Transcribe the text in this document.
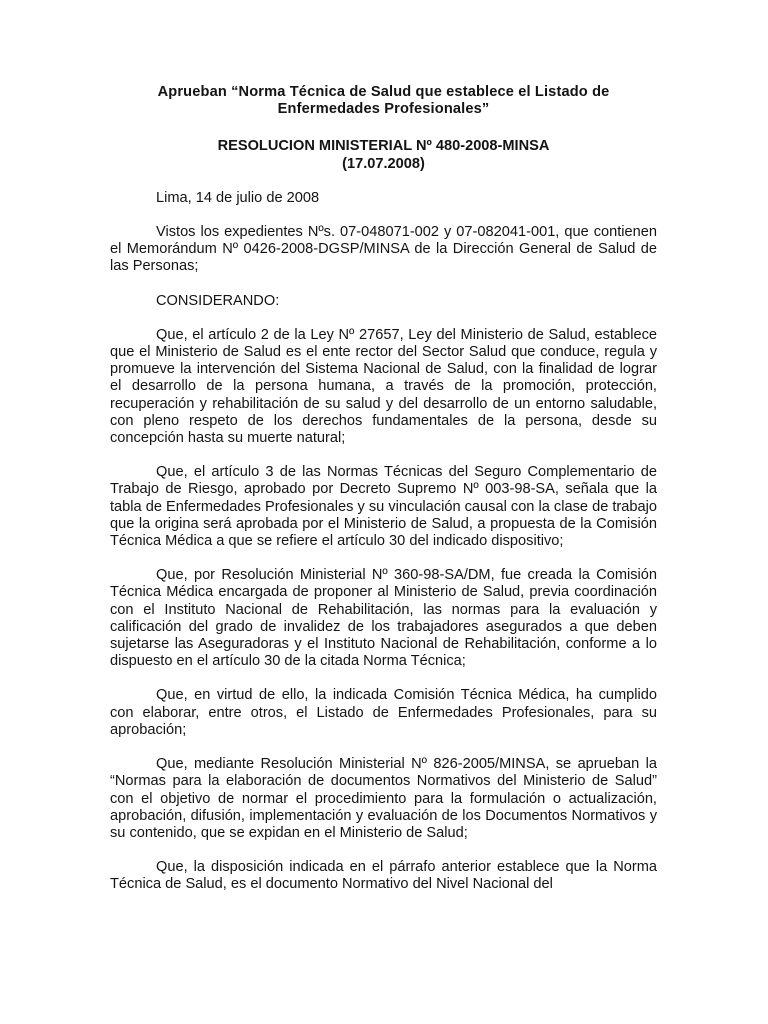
Aprueban “Norma Técnica de Salud que establece el Listado de
Enfermedades Profesionales”

RESOLUCION MINISTERIAL Nº 480-2008-MINSA
(17.07.2008)
Lima, 14 de julio de 2008

Vistos los expedientes Nºs. 07-048071-002 y 07-082041-001, que contienen el Memorándum Nº 0426-2008-DGSP/MINSA de la Dirección General de Salud de las Personas;

CONSIDERANDO:

Que, el artículo 2 de la Ley Nº 27657, Ley del Ministerio de Salud, establece que el Ministerio de Salud es el ente rector del Sector Salud que conduce, regula y promueve la intervención del Sistema Nacional de Salud, con la finalidad de lograr el desarrollo de la persona humana, a través de la promoción, protección, recuperación y rehabilitación de su salud y del desarrollo de un entorno saludable, con pleno respeto de los derechos fundamentales de la persona, desde su concepción hasta su muerte natural;

Que, el artículo 3 de las Normas Técnicas del Seguro Complementario de Trabajo de Riesgo, aprobado por Decreto Supremo Nº 003-98-SA, señala que la tabla de Enfermedades Profesionales y su vinculación causal con la clase de trabajo que la origina será aprobada por el Ministerio de Salud, a propuesta de la Comisión Técnica Médica a que se refiere el artículo 30 del indicado dispositivo;

Que, por Resolución Ministerial Nº 360-98-SA/DM, fue creada la Comisión Técnica Médica encargada de proponer al Ministerio de Salud, previa coordinación con el Instituto Nacional de Rehabilitación, las normas para la evaluación y calificación del grado de invalidez de los trabajadores asegurados a que deben sujetarse las Aseguradoras y el Instituto Nacional de Rehabilitación, conforme a lo dispuesto en el artículo 30 de la citada Norma Técnica;

Que, en virtud de ello, la indicada Comisión Técnica Médica, ha cumplido con elaborar, entre otros, el Listado de Enfermedades Profesionales, para su aprobación;

Que, mediante Resolución Ministerial Nº 826-2005/MINSA, se aprueban la “Normas para la elaboración de documentos Normativos del Ministerio de Salud” con el objetivo de normar el procedimiento para la formulación o actualización, aprobación, difusión, implementación y evaluación de los Documentos Normativos y su contenido, que se expidan en el Ministerio de Salud;

Que, la disposición indicada en el párrafo anterior establece que la Norma Técnica de Salud, es el documento Normativo del Nivel Nacional del
